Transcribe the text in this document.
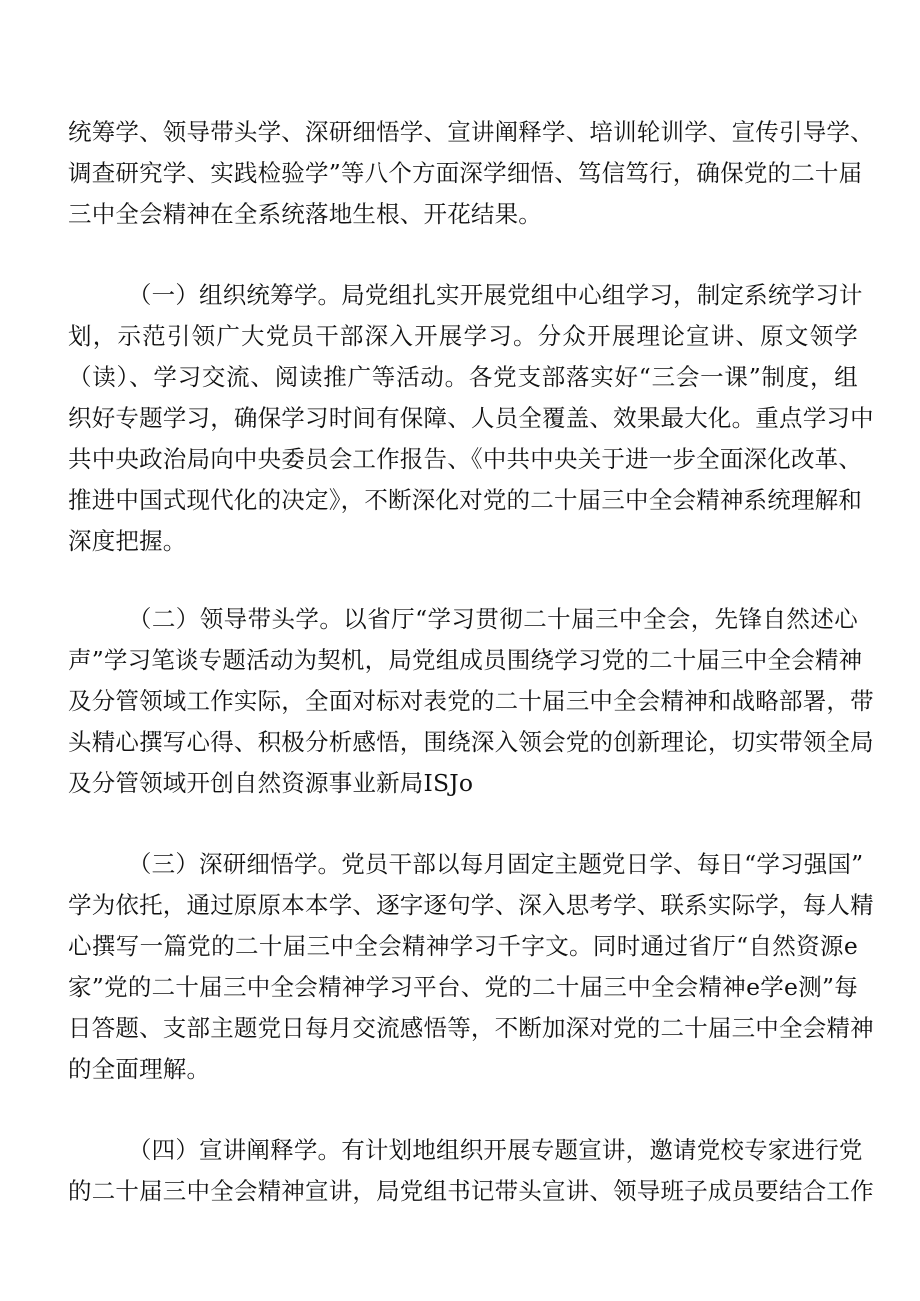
统筹学、领导带头学、深研细悟学、宣讲阐释学、培训轮训学、宣传引导学、
调查研究学、实践检验学”等八个方面深学细悟、笃信笃行，确保党的二十届
三中全会精神在全系统落地生根、开花结果。

（一）组织统筹学。局党组扎实开展党组中心组学习，制定系统学习计
划，示范引领广大党员干部深入开展学习。分众开展理论宣讲、原文领学
（读）、学习交流、阅读推广等活动。各党支部落实好“三会一课”制度，组
织好专题学习，确保学习时间有保障、人员全覆盖、效果最大化。重点学习中
共中央政治局向中央委员会工作报告、《中共中央关于进一步全面深化改革、
推进中国式现代化的决定》，不断深化对党的二十届三中全会精神系统理解和
深度把握。

（二）领导带头学。以省厅“学习贯彻二十届三中全会，先锋自然述心
声”学习笔谈专题活动为契机，局党组成员围绕学习党的二十届三中全会精神
及分管领域工作实际，全面对标对表党的二十届三中全会精神和战略部署，带
头精心撰写心得、积极分析感悟，围绕深入领会党的创新理论，切实带领全局
及分管领域开创自然资源事业新局ISJo

（三）深研细悟学。党员干部以每月固定主题党日学、每日“学习强国”
学为依托，通过原原本本学、逐字逐句学、深入思考学、联系实际学，每人精
心撰写一篇党的二十届三中全会精神学习千字文。同时通过省厅“自然资源e
家”党的二十届三中全会精神学习平台、党的二十届三中全会精神e学e测”每
日答题、支部主题党日每月交流感悟等，不断加深对党的二十届三中全会精神
的全面理解。

（四）宣讲阐释学。有计划地组织开展专题宣讲，邀请党校专家进行党
的二十届三中全会精神宣讲，局党组书记带头宣讲、领导班子成员要结合工作
